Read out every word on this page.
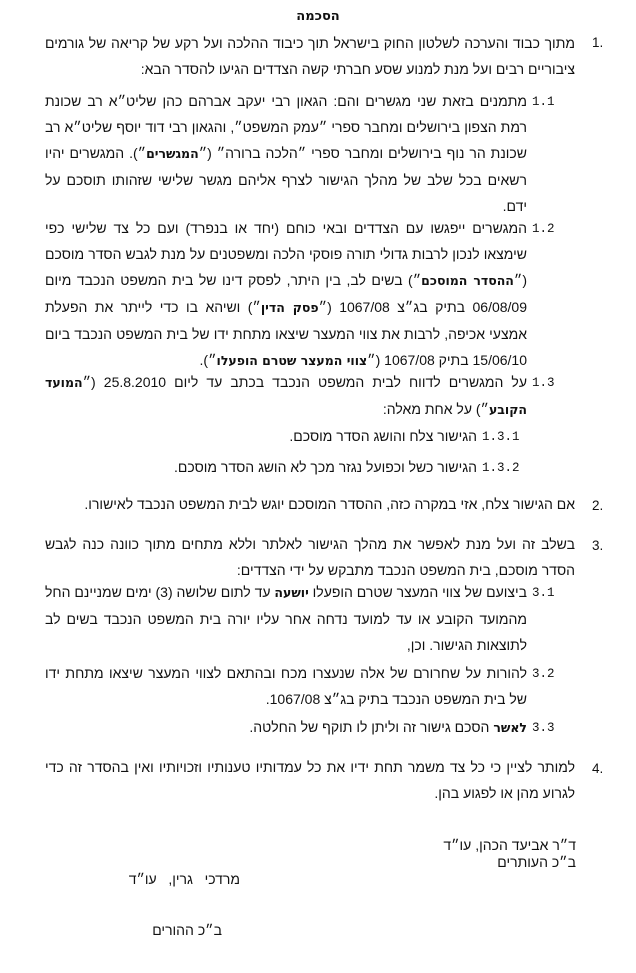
הסכמה
1.
מתוך כבוד והערכה לשלטון החוק בישראל תוך כיבוד ההלכה ועל רקע של קריאה של גורמים ציבוריים רבים ועל מנת למנוע שסע חברתי קשה הצדדים הגיעו להסדר הבא:
1.1
מתמנים בזאת שני מגשרים והם: הגאון רבי יעקב אברהם כהן שליט״א רב שכונת רמת הצפון בירושלים ומחבר ספרי ״עמק המשפט״, והגאון רבי דוד יוסף שליט״א רב שכונת הר נוף בירושלים ומחבר ספרי ״הלכה ברורה״ (״המגשרים״). המגשרים יהיו רשאים בכל שלב של מהלך הגישור לצרף אליהם מגשר שלישי שזהותו תוסכם על ידם.
1.2
המגשרים ייפגשו עם הצדדים ובאי כוחם (יחד או בנפרד) ועם כל צד שלישי כפי שימצאו לנכון לרבות גדולי תורה פוסקי הלכה ומשפטנים על מנת לגבש הסדר מוסכם (״ההסדר המוסכם״) בשים לב, בין היתר, לפסק דינו של בית המשפט הנכבד מיום 06/08/09 בתיק בג״צ 1067/08 (״פסק הדין״) ושיהא בו כדי לייתר את הפעלת אמצעי אכיפה, לרבות את צווי המעצר שיצאו מתחת ידו של בית המשפט הנכבד ביום 15/06/10 בתיק 1067/08 (״צווי המעצר שטרם הופעלו״).
1.3
על המגשרים לדווח לבית המשפט הנכבד בכתב עד ליום 25.8.2010 (״המועד הקובע״) על אחת מאלה:
1.3.1
הגישור צלח והושג הסדר מוסכם.
1.3.2
הגישור כשל וכפועל נגזר מכך לא הושג הסדר מוסכם.
2.
אם הגישור צלח, אזי במקרה כזה, ההסדר המוסכם יוגש לבית המשפט הנכבד לאישורו.
3.
בשלב זה ועל מנת לאפשר את מהלך הגישור לאלתר וללא מתחים מתוך כוונה כנה לגבש הסדר מוסכם, בית המשפט הנכבד מתבקש על ידי הצדדים:
3.1
ביצועם של צווי המעצר שטרם הופעלו יושעה עד לתום שלושה (3) ימים שמניינם החל מהמועד הקובע או עד למועד נדחה אחר עליו יורה בית המשפט הנכבד בשים לב לתוצאות הגישור. וכן,
3.2
להורות על שחרורם של אלה שנעצרו מכח ובהתאם לצווי המעצר שיצאו מתחת ידו של בית המשפט הנכבד בתיק בג״צ 1067/08.
3.3
לאשר הסכם גישור זה וליתן לו תוקף של החלטה.
4.
למותר לציין כי כל צד משמר תחת ידיו את כל עמדותיו טענותיו וזכויותיו ואין בהסדר זה כדי לגרוע מהן או לפגוע בהן.
ד״ר אביעד הכהן, עו״ד
ב״כ העותרים

מרדכי   גרין,   עו״ד

ב״כ ההורים
